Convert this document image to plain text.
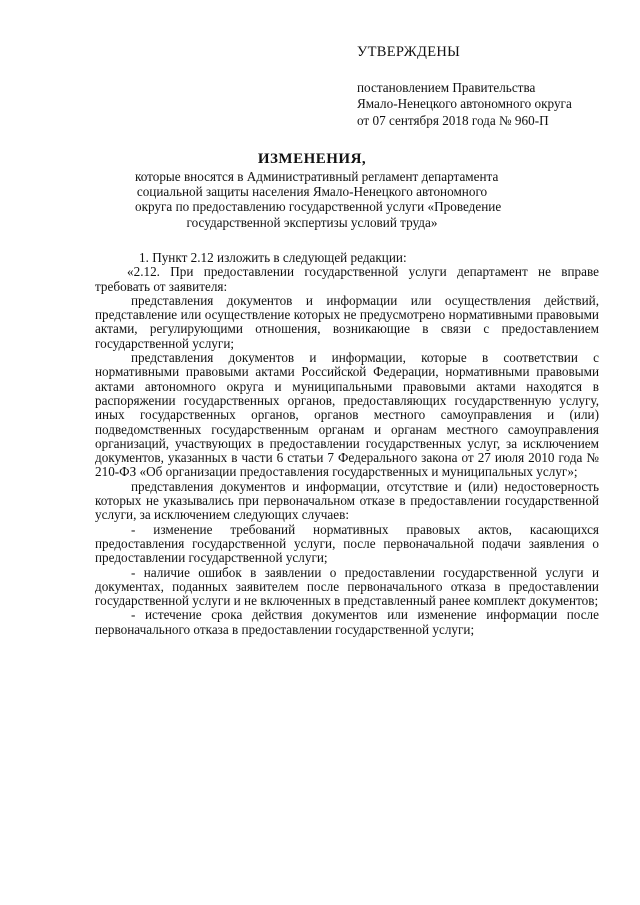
УТВЕРЖДЕНЫ
постановлением Правительства
Ямало-Ненецкого автономного округа
от 07 сентября 2018 года № 960-П
ИЗМЕНЕНИЯ,
которые вносятся в Административный регламент департамента
социальной защиты населения Ямало-Ненецкого автономного
округа по предоставлению государственной услуги «Проведение
государственной экспертизы условий труда»

1. Пункт 2.12 изложить в следующей редакции:

«2.12. При предоставлении государственной услуги департамент не вправе требовать от заявителя:

представления документов и информации или осуществления действий, представление или осуществление которых не предусмотрено нормативными правовыми актами, регулирующими отношения, возникающие в связи с предоставлением государственной услуги;

представления документов и информации, которые в соответствии с нормативными правовыми актами Российской Федерации, нормативными правовыми актами автономного округа и муниципальными правовыми актами находятся в распоряжении государственных органов, предоставляющих государственную услугу, иных государственных органов, органов местного самоуправления и (или) подведомственных государственным органам и органам местного самоуправления организаций, участвующих в предоставлении государственных услуг, за исключением документов, указанных в части 6 статьи 7 Федерального закона от 27 июля 2010 года № 210-ФЗ «Об организации предоставления государственных и муниципальных услуг»;

представления документов и информации, отсутствие и (или) недостоверность которых не указывались при первоначальном отказе в предоставлении государственной услуги, за исключением следующих случаев:

- изменение требований нормативных правовых актов, касающихся предоставления государственной услуги, после первоначальной подачи заявления о предоставлении государственной услуги;

- наличие ошибок в заявлении о предоставлении государственной услуги и документах, поданных заявителем после первоначального отказа в предоставлении государственной услуги и не включенных в представленный ранее комплект документов;

- истечение срока действия документов или изменение информации после первоначального отказа в предоставлении государственной услуги;
